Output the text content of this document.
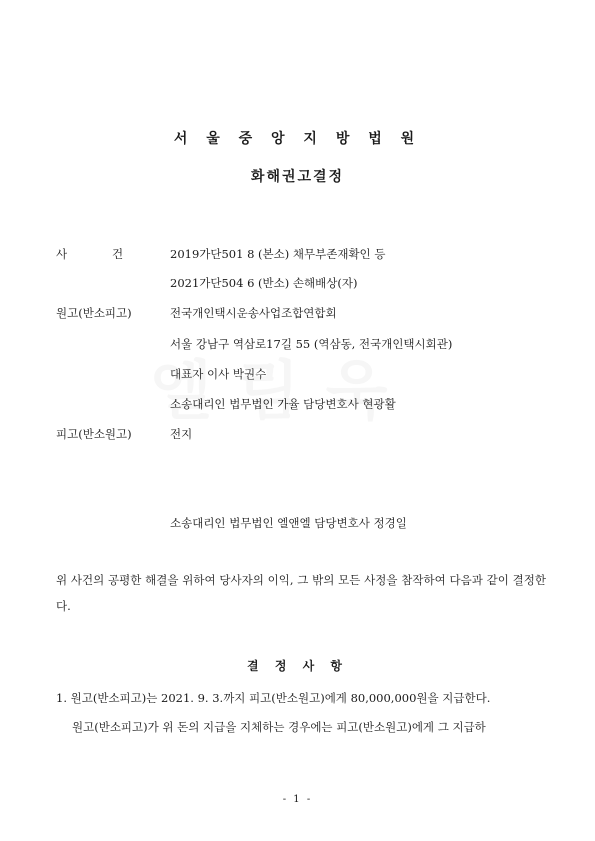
서 울 중 앙 지 방 법 원
화해권고결정
사	건	2019가단501 8 (본소) 채무부존재확인 등
2021가단504 6 (반소) 손해배상(자)
원고(반소피고)	전국개인택시운송사업조합연합회
서울 강남구 역삼로17길 55 (역삼동, 전국개인택시회관)
대표자 이사 박권수
소송대리인 법무법인 가율 담당변호사 현광활
피고(반소원고)	전지
소송대리인 법무법인 엘앤엘 담당변호사 정경일
위 사건의 공평한 해결을 위하여 당사자의 이익, 그 밖의 모든 사정을 참작하여 다음과 같이 결정한다.
결 정 사 항
1. 원고(반소피고)는 2021. 9. 3.까지 피고(반소원고)에게 80,000,000원을 지급한다.
원고(반소피고)가 위 돈의 지급을 지체하는 경우에는 피고(반소원고)에게 그 지급하
- 1 -
